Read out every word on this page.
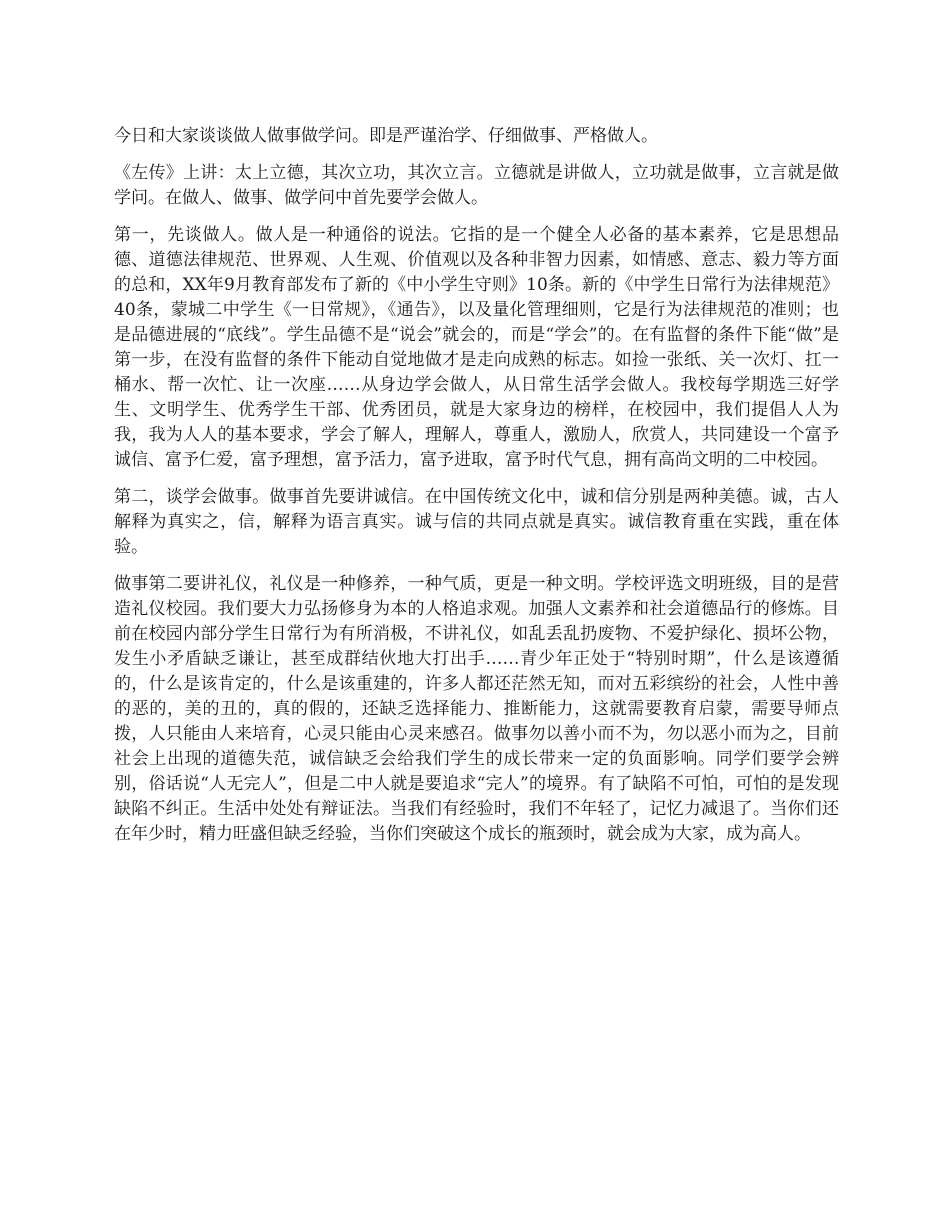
今日和大家谈谈做人做事做学问。即是严谨治学、仔细做事、严格做人。

《左传》上讲：太上立德，其次立功，其次立言。立德就是讲做人，立功就是做事，立言就是做学问。在做人、做事、做学问中首先要学会做人。

第一，先谈做人。做人是一种通俗的说法。它指的是一个健全人必备的基本素养，它是思想品德、道德法律规范、世界观、人生观、价值观以及各种非智力因素，如情感、意志、毅力等方面的总和，XX年9月教育部发布了新的《中小学生守则》10条。新的《中学生日常行为法律规范》40条，蒙城二中学生《一日常规》，《通告》，以及量化管理细则，它是行为法律规范的准则；也是品德进展的“底线”。学生品德不是“说会”就会的，而是“学会”的。在有监督的条件下能“做”是第一步，在没有监督的条件下能动自觉地做才是走向成熟的标志。如捡一张纸、关一次灯、扛一桶水、帮一次忙、让一次座……从身边学会做人，从日常生活学会做人。我校每学期选三好学生、文明学生、优秀学生干部、优秀团员，就是大家身边的榜样，在校园中，我们提倡人人为我，我为人人的基本要求，学会了解人，理解人，尊重人，激励人，欣赏人，共同建设一个富予诚信、富予仁爱，富予理想，富予活力，富予进取，富予时代气息，拥有高尚文明的二中校园。

第二，谈学会做事。做事首先要讲诚信。在中国传统文化中，诚和信分别是两种美德。诚，古人解释为真实之，信，解释为语言真实。诚与信的共同点就是真实。诚信教育重在实践，重在体验。

做事第二要讲礼仪，礼仪是一种修养，一种气质，更是一种文明。学校评选文明班级，目的是营造礼仪校园。我们要大力弘扬修身为本的人格追求观。加强人文素养和社会道德品行的修炼。目前在校园内部分学生日常行为有所消极，不讲礼仪，如乱丢乱扔废物、不爱护绿化、损坏公物，发生小矛盾缺乏谦让，甚至成群结伙地大打出手……青少年正处于“特别时期”，什么是该遵循的，什么是该肯定的，什么是该重建的，许多人都还茫然无知，而对五彩缤纷的社会，人性中善的恶的，美的丑的，真的假的，还缺乏选择能力、推断能力，这就需要教育启蒙，需要导师点拨，人只能由人来培育，心灵只能由心灵来感召。做事勿以善小而不为，勿以恶小而为之，目前社会上出现的道德失范，诚信缺乏会给我们学生的成长带来一定的负面影响。同学们要学会辨别，俗话说“人无完人”，但是二中人就是要追求“完人”的境界。有了缺陷不可怕，可怕的是发现缺陷不纠正。生活中处处有辩证法。当我们有经验时，我们不年轻了，记忆力减退了。当你们还在年少时，精力旺盛但缺乏经验，当你们突破这个成长的瓶颈时，就会成为大家，成为高人。
